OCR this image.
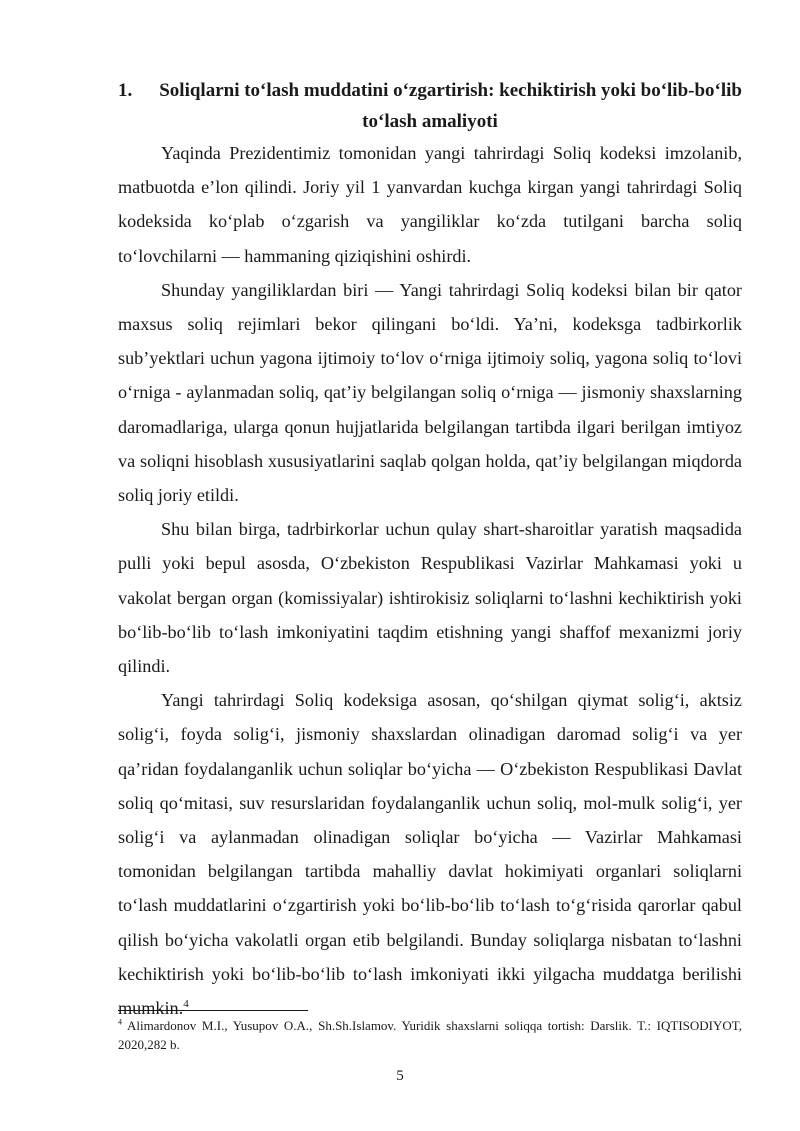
1.	Soliqlarni to‘lash muddatini o‘zgartirish: kechiktirish yoki bo‘lib-bo‘lib
to‘lash amaliyoti

Yaqinda Prezidentimiz tomonidan yangi tahrirdagi Soliq kodeksi imzolanib, matbuotda e’lon qilindi. Joriy yil 1 yanvardan kuchga kirgan yangi tahrirdagi Soliq kodeksida ko‘plab o‘zgarish va yangiliklar ko‘zda tutilgani barcha soliq to‘lovchilarni — hammaning qiziqishini oshirdi.

Shunday yangiliklardan biri — Yangi tahrirdagi Soliq kodeksi bilan bir qator maxsus soliq rejimlari bekor qilingani bo‘ldi. Ya’ni, kodeksga tadbirkorlik sub’yektlari uchun yagona ijtimoiy to‘lov o‘rniga ijtimoiy soliq, yagona soliq to‘lovi o‘rniga - aylanmadan soliq, qat’iy belgilangan soliq o‘rniga — jismoniy shaxslarning daromadlariga, ularga qonun hujjatlarida belgilangan tartibda ilgari berilgan imtiyoz va soliqni hisoblash xususiyatlarini saqlab qolgan holda, qat’iy belgilangan miqdorda soliq joriy etildi.

Shu bilan birga, tadrbirkorlar uchun qulay shart-sharoitlar yaratish maqsadida pulli yoki bepul asosda, O‘zbekiston Respublikasi Vazirlar Mahkamasi yoki u vakolat bergan organ (komissiyalar) ishtirokisiz soliqlarni to‘lashni kechiktirish yoki bo‘lib-bo‘lib to‘lash imkoniyatini taqdim etishning yangi shaffof mexanizmi joriy qilindi.

Yangi tahrirdagi Soliq kodeksiga asosan, qo‘shilgan qiymat solig‘i, aktsiz solig‘i, foyda solig‘i, jismoniy shaxslardan olinadigan daromad solig‘i va yer qa’ridan foydalanganlik uchun soliqlar bo‘yicha — O‘zbekiston Respublikasi Davlat soliq qo‘mitasi, suv resurslaridan foydalanganlik uchun soliq, mol-mulk solig‘i, yer solig‘i va aylanmadan olinadigan soliqlar bo‘yicha — Vazirlar Mahkamasi tomonidan belgilangan tartibda mahalliy davlat hokimiyati organlari soliqlarni to‘lash muddatlarini o‘zgartirish yoki bo‘lib-bo‘lib to‘lash to‘g‘risida qarorlar qabul qilish bo‘yicha vakolatli organ etib belgilandi. Bunday soliqlarga nisbatan to‘lashni kechiktirish yoki bo‘lib-bo‘lib to‘lash imkoniyati ikki yilgacha muddatga berilishi mumkin.$^4$

$^4$ Alimardonov M.I., Yusupov O.A., Sh.Sh.Islamov. Yuridik shaxslarni soliqqa tortish: Darslik. T.: IQTISODIYOT, 2020,282 b.
5
